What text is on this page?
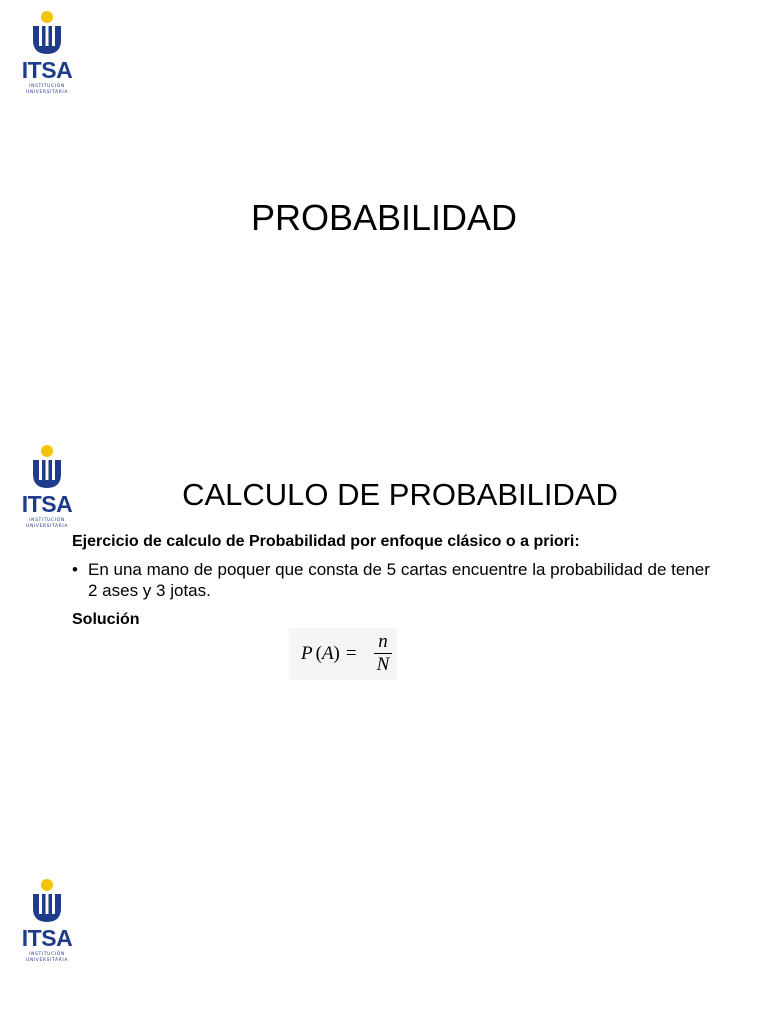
ITSA
INSTITUCIÓN
UNIVERSITARIA
PROBABILIDAD
ITSA
INSTITUCIÓN
UNIVERSITARIA
CALCULO DE PROBABILIDAD
Ejercicio de calculo de Probabilidad por enfoque clásico o a priori:
• En una mano de poquer que consta de 5 cartas encuentre la probabilidad de tener 2 ases y 3 jotas.
Solución
P (A) =
n
N
ITSA
INSTITUCIÓN
UNIVERSITARIA
